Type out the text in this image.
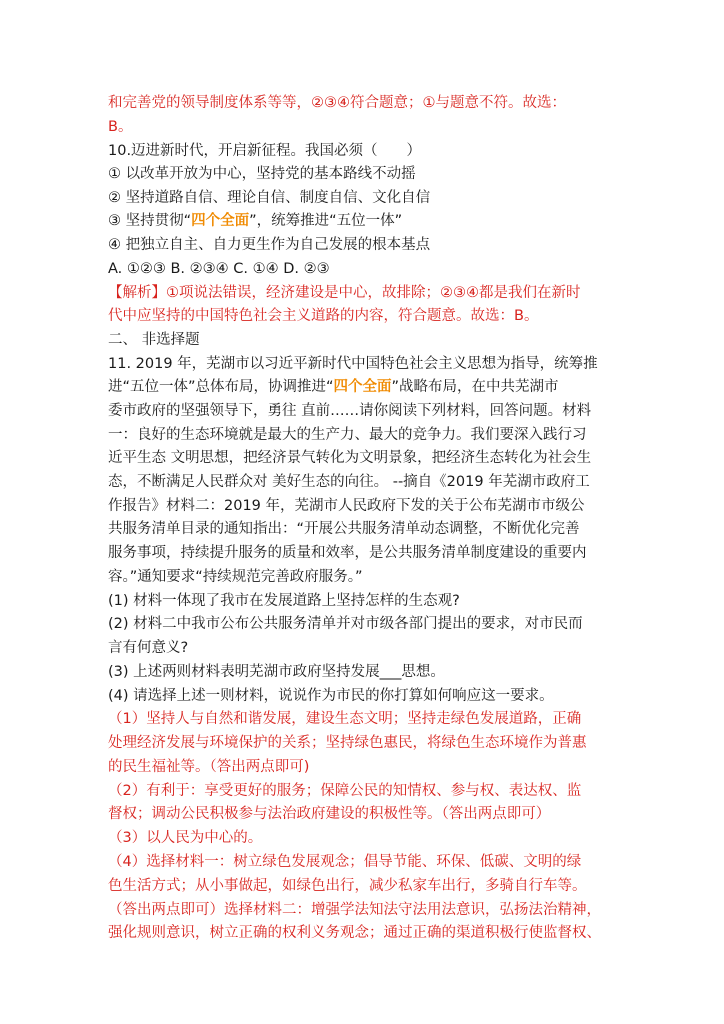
和完善党的领导制度体系等等，②③④符合题意；①与题意不符。故选：
B。
10.迈进新时代，开启新征程。我国必须（　　）
① 以改革开放为中心，坚持党的基本路线不动摇
② 坚持道路自信、理论自信、制度自信、文化自信
③ 坚持贯彻“四个全面”，统筹推进“五位一体”
④ 把独立自主、自力更生作为自己发展的根本基点
A. ①②③ B. ②③④ C. ①④ D. ②③
【解析】①项说法错误，经济建设是中心，故排除；②③④都是我们在新时
代中应坚持的中国特色社会主义道路的内容，符合题意。故选：B。
二、 非选择题
11. 2019 年，芜湖市以习近平新时代中国特色社会主义思想为指导，统筹推
进“五位一体”总体布局，协调推进“四个全面”战略布局，在中共芜湖市
委市政府的坚强领导下，勇往 直前……请你阅读下列材料，回答问题。材料
一：良好的生态环境就是最大的生产力、最大的竞争力。我们要深入践行习
近平生态 文明思想，把经济景气转化为文明景象，把经济生态转化为社会生
态，不断满足人民群众对 美好生态的向往。 --摘自《2019 年芜湖市政府工
作报告》材料二：2019 年，芜湖市人民政府下发的关于公布芜湖市市级公
共服务清单目录的通知指出：“开展公共服务清单动态调整，不断优化完善
服务事项，持续提升服务的质量和效率，是公共服务清单制度建设的重要内
容。”通知要求“持续规范完善政府服务。”
(1) 材料一体现了我市在发展道路上坚持怎样的生态观?
(2) 材料二中我市公布公共服务清单并对市级各部门提出的要求，对市民而
言有何意义?
(3) 上述两则材料表明芜湖市政府坚持发展___思想。
(4) 请选择上述一则材料，说说作为市民的你打算如何响应这一要求。
（1）坚持人与自然和谐发展，建设生态文明；坚持走绿色发展道路，正确
处理经济发展与环境保护的关系；坚持绿色惠民，将绿色生态环境作为普惠
的民生福祉等。（答出两点即可)
（2）有利于：享受更好的服务；保障公民的知情权、参与权、表达权、监
督权；调动公民积极参与法治政府建设的积极性等。（答出两点即可）
（3）以人民为中心的。
（4）选择材料一：树立绿色发展观念；倡导节能、环保、低碳、文明的绿
色生活方式；从小事做起，如绿色出行，减少私家车出行，多骑自行车等。
（答出两点即可）选择材料二：增强学法知法守法用法意识，弘扬法治精神，
强化规则意识，树立正确的权利义务观念；通过正确的渠道积极行使监督权、
